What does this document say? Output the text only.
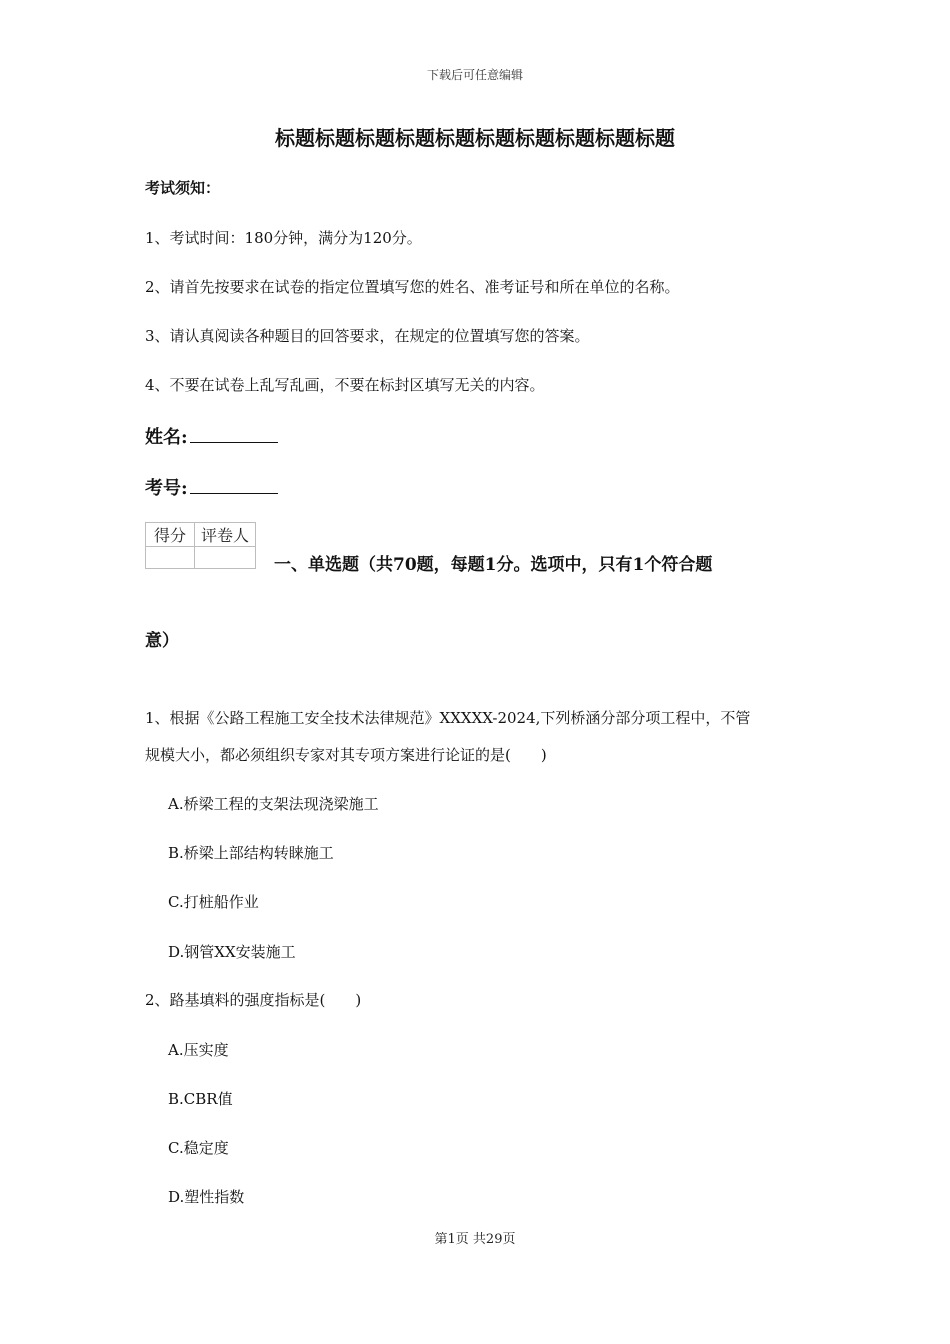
下载后可任意编辑
标题标题标题标题标题标题标题标题标题标题
考试须知：
1、考试时间：180分钟，满分为120分。
2、请首先按要求在试卷的指定位置填写您的姓名、准考证号和所在单位的名称。
3、请认真阅读各种题目的回答要求，在规定的位置填写您的答案。
4、不要在试卷上乱写乱画，不要在标封区填写无关的内容。
姓名:
考号:
得分	评卷人

一、单选题（共70题，每题1分。选项中，只有1个符合题
意）
1、根据《公路工程施工安全技术法律规范》XXXXX-2024,下列桥涵分部分项工程中，不管
规模大小，都必须组织专家对其专项方案进行论证的是(　　)
A.桥梁工程的支架法现浇梁施工
B.桥梁上部结构转睐施工
C.打桩船作业
D.钢管XX安装施工
2、路基填料的强度指标是(　　)
A.压实度
B.CBR值
C.稳定度
D.塑性指数
第1页 共29页
